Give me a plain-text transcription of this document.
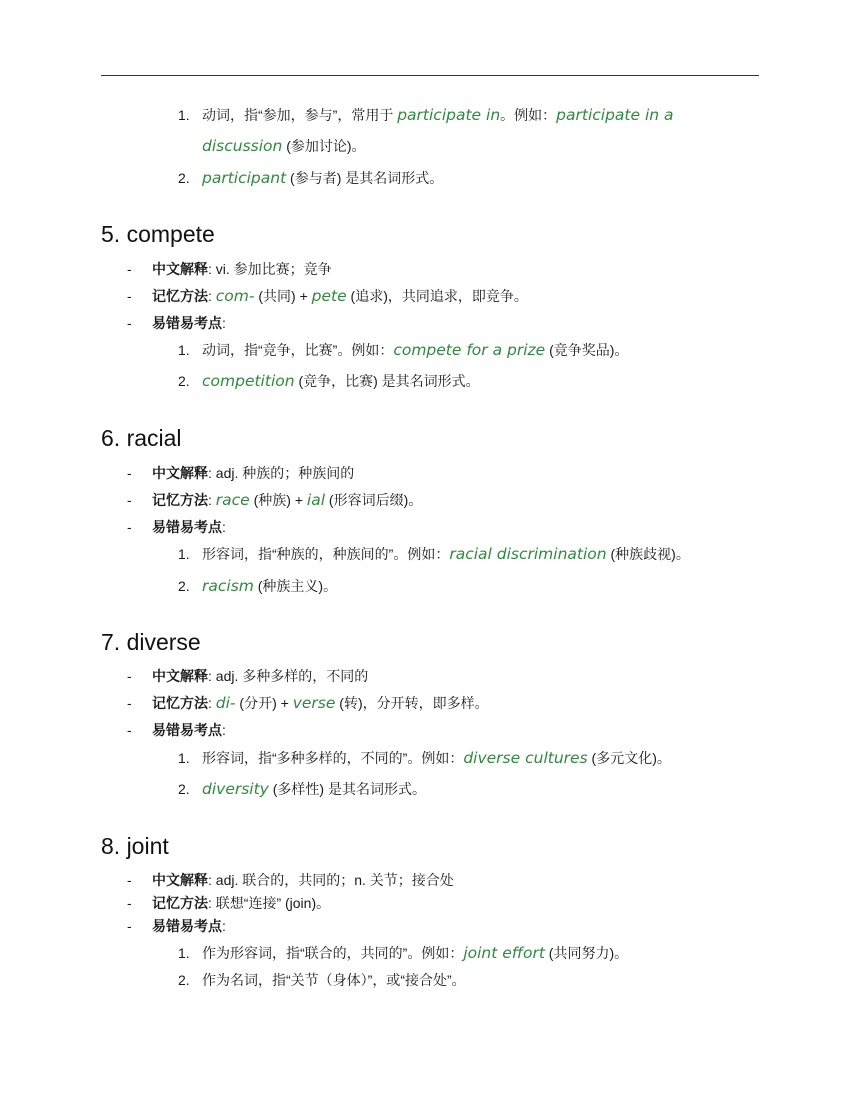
1. 动词，指“参加，参与”，常用于 participate in。例如：participate in a
discussion (参加讨论)。
2. participant (参与者) 是其名词形式。
5. compete
- 中文解释: vi. 参加比赛；竞争
- 记忆方法: com- (共同) + pete (追求)，共同追求，即竞争。
- 易错易考点:
1. 动词，指“竞争，比赛”。例如：compete for a prize (竞争奖品)。
2. competition (竞争，比赛) 是其名词形式。
6. racial
- 中文解释: adj. 种族的；种族间的
- 记忆方法: race (种族) + ial (形容词后缀)。
- 易错易考点:
1. 形容词，指“种族的，种族间的”。例如：racial discrimination (种族歧视)。
2. racism (种族主义)。
7. diverse
- 中文解释: adj. 多种多样的，不同的
- 记忆方法: di- (分开) + verse (转)，分开转，即多样。
- 易错易考点:
1. 形容词，指“多种多样的，不同的”。例如：diverse cultures (多元文化)。
2. diversity (多样性) 是其名词形式。
8. joint
- 中文解释: adj. 联合的，共同的；n. 关节；接合处
- 记忆方法: 联想“连接” (join)。
- 易错易考点:
1. 作为形容词，指“联合的，共同的”。例如：joint effort (共同努力)。
2. 作为名词，指“关节（身体）”，或“接合处”。
